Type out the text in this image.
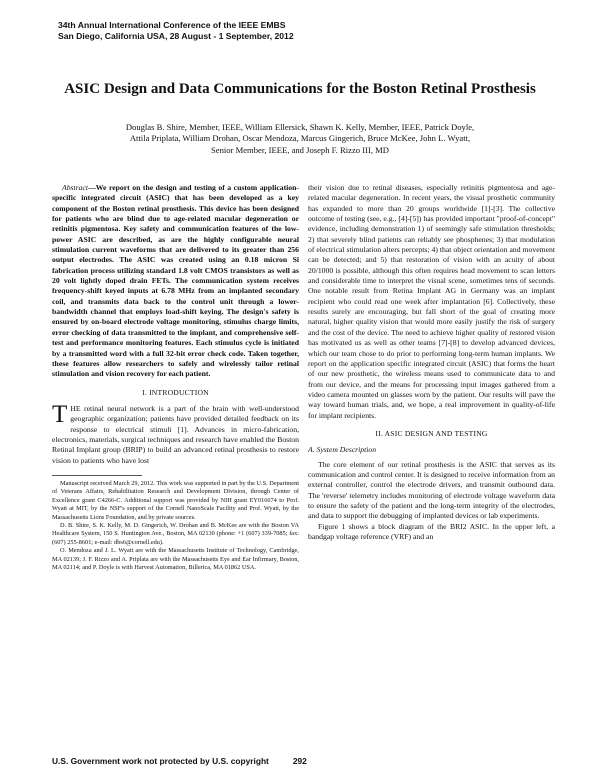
34th Annual International Conference of the IEEE EMBS
San Diego, California USA, 28 August - 1 September, 2012
ASIC Design and Data Communications for the Boston Retinal Prosthesis
Douglas B. Shire, Member, IEEE, William Ellersick, Shawn K. Kelly, Member, IEEE, Patrick Doyle,
Attila Priplata, William Drohan, Oscar Mendoza, Marcus Gingerich, Bruce McKee, John L. Wyatt,
Senior Member, IEEE, and Joseph F. Rizzo III, MD

Abstract—We report on the design and testing of a custom application-specific integrated circuit (ASIC) that has been developed as a key component of the Boston retinal prosthesis. This device has been designed for patients who are blind due to age-related macular degeneration or retinitis pigmentosa. Key safety and communication features of the low-power ASIC are described, as are the highly configurable neural stimulation current waveforms that are delivered to its greater than 256 output electrodes. The ASIC was created using an 0.18 micron Si fabrication process utilizing standard 1.8 volt CMOS transistors as well as 20 volt lightly doped drain FETs. The communication system receives frequency-shift keyed inputs at 6.78 MHz from an implanted secondary coil, and transmits data back to the control unit through a lower-bandwidth channel that employs load-shift keying. The design's safety is ensured by on-board electrode voltage monitoring, stimulus charge limits, error checking of data transmitted to the implant, and comprehensive self-test and performance monitoring features. Each stimulus cycle is initiated by a transmitted word with a full 32-bit error check code. Taken together, these features allow researchers to safely and wirelessly tailor retinal stimulation and vision recovery for each patient.

I. INTRODUCTION

THE retinal neural network is a part of the brain with well-understood geographic organization; patients have provided detailed feedback on its response to electrical stimuli [1]. Advances in micro-fabrication, electronics, materials, surgical techniques and research have enabled the Boston Retinal Implant group (BRIP) to build an advanced retinal prosthesis to restore vision to patients who have lost

Manuscript received March 29, 2012. This work was supported in part by the U.S. Department of Veterans Affairs, Rehabilitation Research and Development Division, through Center of Excellence grant C4266-C. Additional support was provided by NIH grant EY016674 to Prof. Wyatt at MIT, by the NSF's support of the Cornell NanoScale Facility and Prof. Wyatt, by the Massachusetts Lions Foundation, and by private sources.

D. B. Shire, S. K. Kelly, M. D. Gingerich, W. Drohan and B. McKee are with the Boston VA Healthcare System, 150 S. Huntington Ave., Boston, MA 02130 (phone: +1 (607) 339-7085; fax: (607) 255-8601; e-mail: dbs6@cornell.edu).

O. Mendoza and J. L. Wyatt are with the Massachusetts Institute of Technology, Cambridge, MA 02139; J. F. Rizzo and A. Priplata are with the Massachusetts Eye and Ear Infirmary, Boston, MA 02114; and P. Doyle is with Harvest Automation, Billerica, MA 01862 USA.

their vision due to retinal diseases, especially retinitis pigmentosa and age-related macular degeneration. In recent years, the visual prosthetic community has expanded to more than 20 groups worldwide [1]-[3]. The collective outcome of testing (see, e.g., [4]-[5]) has provided important "proof-of-concept" evidence, including demonstration 1) of seemingly safe stimulation thresholds; 2) that severely blind patients can reliably see phosphenes; 3) that modulation of electrical stimulation alters percepts; 4) that object orientation and movement can be detected; and 5) that restoration of vision with an acuity of about 20/1000 is possible, although this often requires head movement to scan letters and considerable time to interpret the visual scene, sometimes tens of seconds. One notable result from Retina Implant AG in Germany was an implant recipient who could read one week after implantation [6]. Collectively, these results surely are encouraging, but fall short of the goal of creating more natural, higher quality vision that would more easily justify the risk of surgery and the cost of the device. The need to achieve higher quality of restored vision has motivated us as well as other teams [7]-[8] to develop advanced devices, which our team chose to do prior to performing long-term human implants. We report on the application specific integrated circuit (ASIC) that forms the heart of our new prosthetic, the wireless means used to communicate data to and from our device, and the means for processing input images gathered from a video camera mounted on glasses worn by the patient. Our results will pave the way toward human trials, and, we hope, a real improvement in quality-of-life for implant recipients.

II. ASIC DESIGN AND TESTING

A. System Description

The core element of our retinal prosthesis is the ASIC that serves as its communication and control center. It is designed to receive information from an external controller, control the electrode drivers, and transmit outbound data. The 'reverse' telemetry includes monitoring of electrode voltage waveform data to ensure the safety of the patient and the long-term integrity of the electrodes, and data to support the debugging of implanted devices or lab experiments.

Figure 1 shows a block diagram of the BRI2 ASIC. In the upper left, a bandgap voltage reference (VRF) and an

U.S. Government work not protected by U.S. copyright	292
